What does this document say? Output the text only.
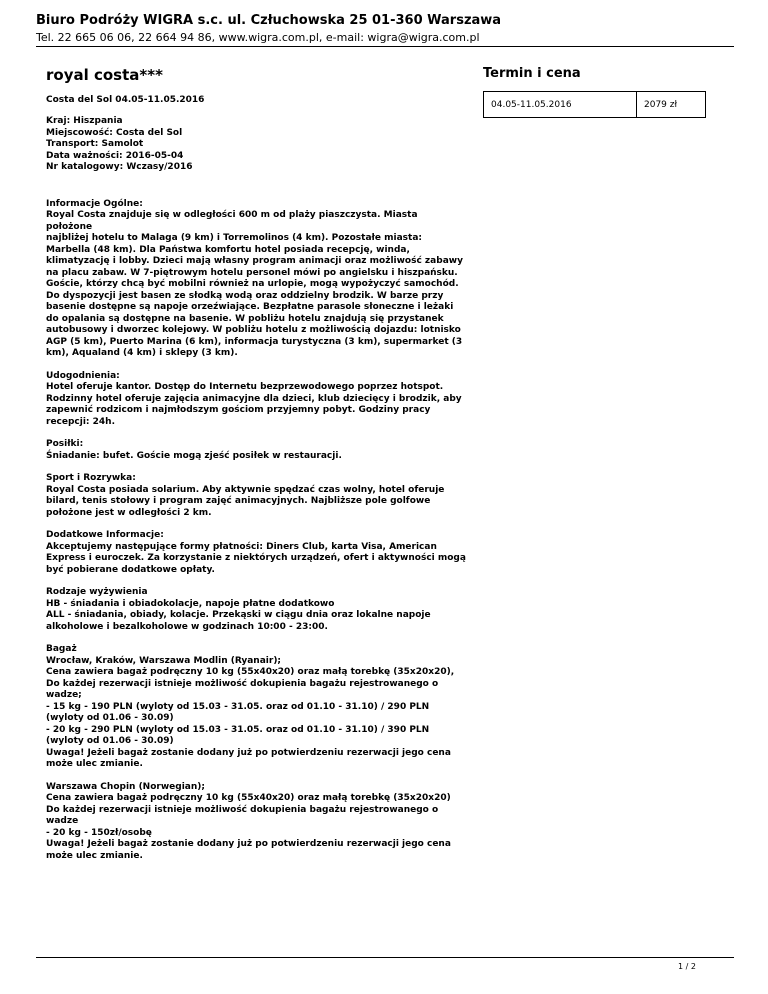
Biuro Podróży WIGRA s.c. ul. Człuchowska 25 01-360 Warszawa
Tel. 22 665 06 06, 22 664 94 86, www.wigra.com.pl, e-mail: wigra@wigra.com.pl
royal costa***
Costa del Sol 04.05-11.05.2016
Kraj: Hiszpania
Miejscowość: Costa del Sol
Transport: Samolot
Data ważności: 2016-05-04
Nr katalogowy: Wczasy/2016
Informacje Ogólne:
Royal Costa znajduje się w odległości 600 m od plaży piaszczysta. Miasta położone
najbliżej hotelu to Malaga (9 km) i Torremolinos (4 km). Pozostałe miasta:
Marbella (48 km). Dla Państwa komfortu hotel posiada recepcję, winda,
klimatyzację i lobby. Dzieci mają własny program animacji oraz możliwość zabawy
na placu zabaw. W 7-piętrowym hotelu personel mówi po angielsku i hiszpańsku.
Goście, którzy chcą być mobilni również na urlopie, mogą wypożyczyć samochód.
Do dyspozycji jest basen ze słodką wodą oraz oddzielny brodzik. W barze przy
basenie dostępne są napoje orzeźwiające. Bezpłatne parasole słoneczne i leżaki
do opalania są dostępne na basenie. W pobliżu hotelu znajdują się przystanek
autobusowy i dworzec kolejowy. W pobliżu hotelu z możliwością dojazdu: lotnisko
AGP (5 km), Puerto Marina (6 km), informacja turystyczna (3 km), supermarket (3
km), Aqualand (4 km) i sklepy (3 km).
Udogodnienia:
Hotel oferuje kantor. Dostęp do Internetu bezprzewodowego poprzez hotspot.
Rodzinny hotel oferuje zajęcia animacyjne dla dzieci, klub dziecięcy i brodzik, aby
zapewnić rodzicom i najmłodszym gościom przyjemny pobyt. Godziny pracy
recepcji: 24h.
Posiłki:
Śniadanie: bufet. Goście mogą zjeść posiłek w restauracji.
Sport i Rozrywka:
Royal Costa posiada solarium. Aby aktywnie spędzać czas wolny, hotel oferuje
bilard, tenis stołowy i program zajęć animacyjnych. Najbliższe pole golfowe
położone jest w odległości 2 km.
Dodatkowe Informacje:
Akceptujemy następujące formy płatności: Diners Club, karta Visa, American
Express i euroczek. Za korzystanie z niektórych urządzeń, ofert i aktywności mogą
być pobierane dodatkowe opłaty.
Rodzaje wyżywienia
HB - śniadania i obiadokolacje, napoje płatne dodatkowo
ALL - śniadania, obiady, kolacje. Przekąski w ciągu dnia oraz lokalne napoje
alkoholowe i bezalkoholowe w godzinach 10:00 - 23:00.
Bagaż
Wrocław, Kraków, Warszawa Modlin (Ryanair);
Cena zawiera bagaż podręczny 10 kg (55x40x20) oraz małą torebkę (35x20x20),
Do każdej rezerwacji istnieje możliwość dokupienia bagażu rejestrowanego o
wadze;
- 15 kg - 190 PLN (wyloty od 15.03 - 31.05. oraz od 01.10 - 31.10) / 290 PLN
(wyloty od 01.06 - 30.09)
- 20 kg - 290 PLN (wyloty od 15.03 - 31.05. oraz od 01.10 - 31.10) / 390 PLN
(wyloty od 01.06 - 30.09)
Uwaga! Jeżeli bagaż zostanie dodany już po potwierdzeniu rezerwacji jego cena
może ulec zmianie.
Warszawa Chopin (Norwegian);
Cena zawiera bagaż podręczny 10 kg (55x40x20) oraz małą torebkę (35x20x20)
Do każdej rezerwacji istnieje możliwość dokupienia bagażu rejestrowanego o
wadze
- 20 kg - 150zł/osobę
Uwaga! Jeżeli bagaż zostanie dodany już po potwierdzeniu rezerwacji jego cena
może ulec zmianie.
Termin i cena
04.05-11.05.2016	2079 zł
1 / 2
